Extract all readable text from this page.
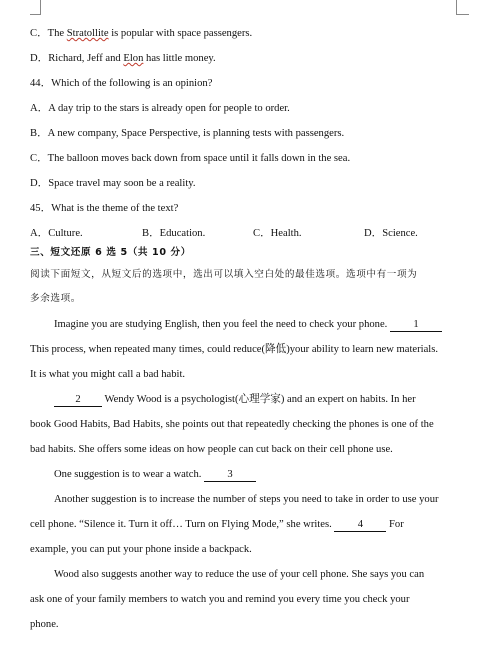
C．The Stratollite is popular with space passengers.
D．Richard, Jeff and Elon has little money.
44．Which of the following is an opinion?
A．A day trip to the stars is already open for people to order.
B．A new company, Space Perspective, is planning tests with passengers.
C．The balloon moves back down from space until it falls down in the sea.
D．Space travel may soon be a reality.
45．What is the theme of the text?
A．Culture.	B．Education.	C．Health.	D．Science.
三、短文还原 6 选 5（共 10 分）
阅读下面短文，从短文后的选项中，选出可以填入空白处的最佳选项。选项中有一项为
多余选项。
Imagine you are studying English, then you feel the need to check your phone. 1
This process, when repeated many times, could reduce(降低)your ability to learn new materials.
It is what you might call a bad habit.
2 Wendy Wood is a psychologist(心理学家) and an expert on habits. In her
book Good Habits, Bad Habits, she points out that repeatedly checking the phones is one of the
bad habits. She offers some ideas on how people can cut back on their cell phone use.
One suggestion is to wear a watch. 3
Another suggestion is to increase the number of steps you need to take in order to use your
cell phone. “Silence it. Turn it off… Turn on Flying Mode,” she writes. 4 For
example, you can put your phone inside a backpack.
Wood also suggests another way to reduce the use of your cell phone. She says you can
ask one of your family members to watch you and remind you every time you check your
phone.
